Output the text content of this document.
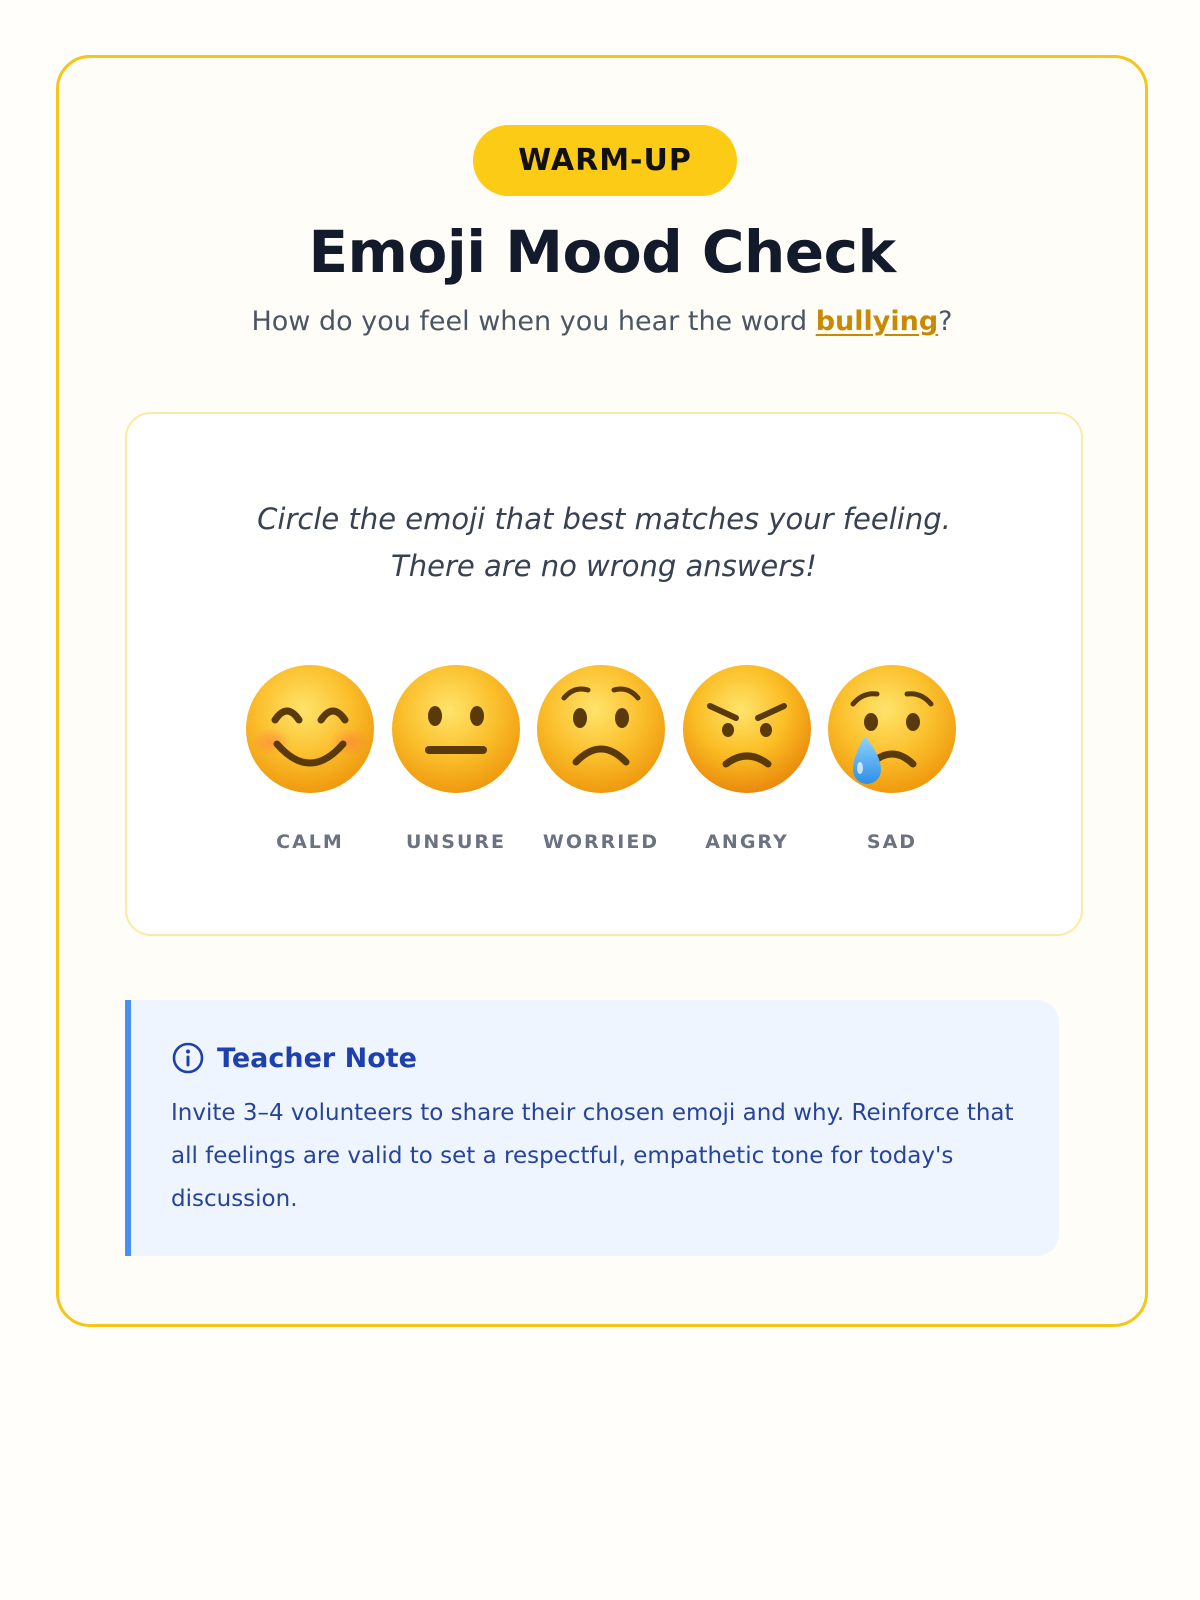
WARM-UP
Emoji Mood Check
How do you feel when you hear the word bullying?
Circle the emoji that best matches your feeling.
There are no wrong answers!
CALM	UNSURE	WORRIED	ANGRY	SAD
Teacher Note
Invite 3–4 volunteers to share their chosen emoji and why. Reinforce that all feelings are valid to set a respectful, empathetic tone for today's discussion.
